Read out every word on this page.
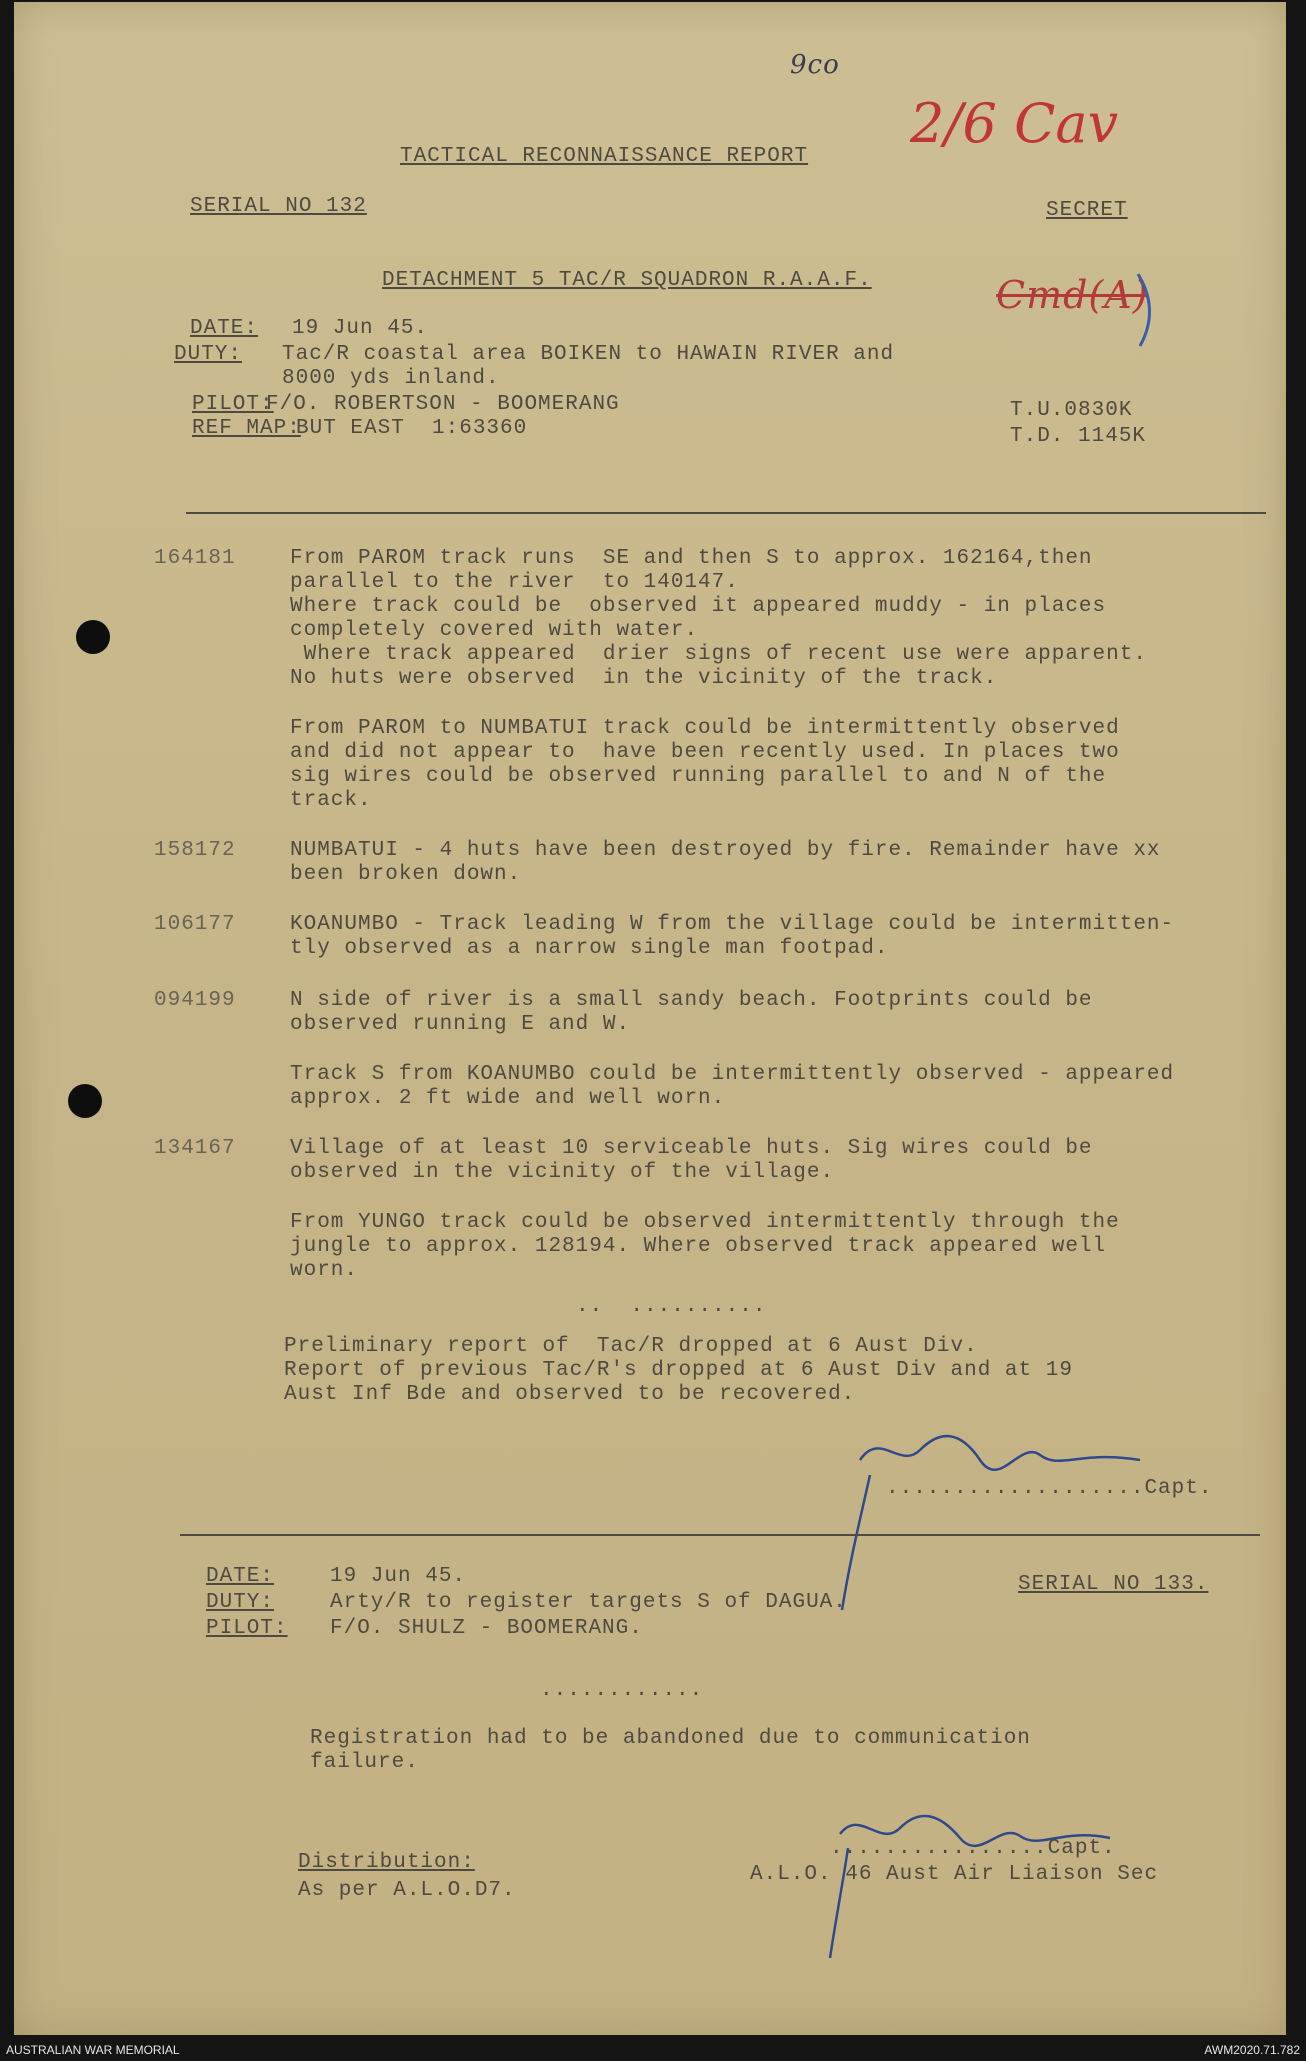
9co
2/6 Cav
Cmd(A)
TACTICAL RECONNAISSANCE REPORT
SERIAL NO 132	SECRET
DETACHMENT 5 TAC/R SQUADRON R.A.A.F.
DATE: 19 Jun 45.
DUTY: Tac/R coastal area BOIKEN to HAWAIN RIVER and
8000 yds inland.
PILOT:
F/O. ROBERTSON - BOOMERANG
REF MAP:
BUT EAST  1:63360
T.U.0830K
T.D. 1145K
164181	From PAROM track runs  SE and then S to approx. 162164,then
parallel to the river  to 140147.
Where track could be  observed it appeared muddy - in places
completely covered with water.
Where track appeared  drier signs of recent use were apparent.
No huts were observed  in the vicinity of the track.
From PAROM to NUMBATUI track could be intermittently observed
and did not appear to  have been recently used. In places two
sig wires could be observed running parallel to and N of the
track.
158172	NUMBATUI - 4 huts have been destroyed by fire. Remainder have xx
been broken down.
106177	KOANUMBO - Track leading W from the village could be intermitten-
tly observed as a narrow single man footpad.
094199	N side of river is a small sandy beach. Footprints could be
observed running E and W.
Track S from KOANUMBO could be intermittently observed - appeared
approx. 2 ft wide and well worn.
134167	Village of at least 10 serviceable huts. Sig wires could be
observed in the vicinity of the village.
From YUNGO track could be observed intermittently through the
jungle to approx. 128194. Where observed track appeared well
worn.
..  ..........
Preliminary report of  Tac/R dropped at 6 Aust Div.
Report of previous Tac/R's dropped at 6 Aust Div and at 19
Aust Inf Bde and observed to be recovered.
...................Capt.
DATE:	19 Jun 45.	SERIAL NO 133.
DUTY:	Arty/R to register targets S of DAGUA.
PILOT: F/O. SHULZ - BOOMERANG.
............
Registration had to be abandoned due to communication
failure.
................Capt.
A.L.O. 46 Aust Air Liaison Sec
Distribution:
As per A.L.O.D7.
AUSTRALIAN WAR MEMORIAL	AWM2020.71.782
